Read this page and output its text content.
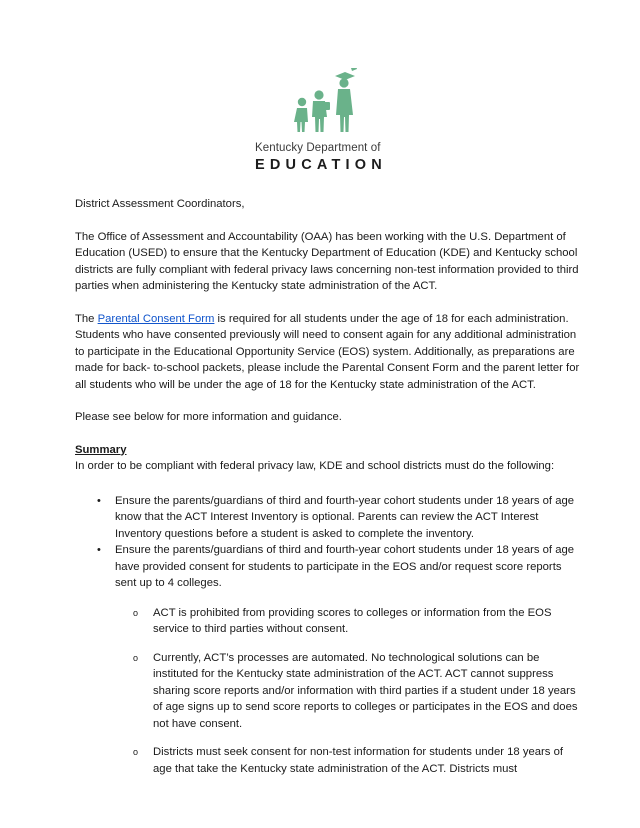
Kentucky Department of
EDUCATION

District Assessment Coordinators,

The Office of Assessment and Accountability (OAA) has been working with the U.S. Department of Education (USED) to ensure that the Kentucky Department of Education (KDE) and Kentucky school districts are fully compliant with federal privacy laws concerning non-test information provided to third parties when administering the Kentucky state administration of the ACT.

The Parental Consent Form is required for all students under the age of 18 for each administration. Students who have consented previously will need to consent again for any additional administration to participate in the Educational Opportunity Service (EOS) system. Additionally, as preparations are made for back- to-school packets, please include the Parental Consent Form and the parent letter for all students who will be under the age of 18 for the Kentucky state administration of the ACT.

Please see below for more information and guidance.

Summary
In order to be compliant with federal privacy law, KDE and school districts must do the following:
• Ensure the parents/guardians of third and fourth-year cohort students under 18 years of age know that the ACT Interest Inventory is optional. Parents can review the ACT Interest Inventory questions before a student is asked to complete the inventory.
• Ensure the parents/guardians of third and fourth-year cohort students under 18 years of age have provided consent for students to participate in the EOS and/or request score reports sent up to 4 colleges.
o ACT is prohibited from providing scores to colleges or information from the EOS service to third parties without consent.
o Currently, ACT’s processes are automated. No technological solutions can be instituted for the Kentucky state administration of the ACT. ACT cannot suppress sharing score reports and/or information with third parties if a student under 18 years of age signs up to send score reports to colleges or participates in the EOS and does not have consent.
o Districts must seek consent for non-test information for students under 18 years of age that take the Kentucky state administration of the ACT. Districts must
